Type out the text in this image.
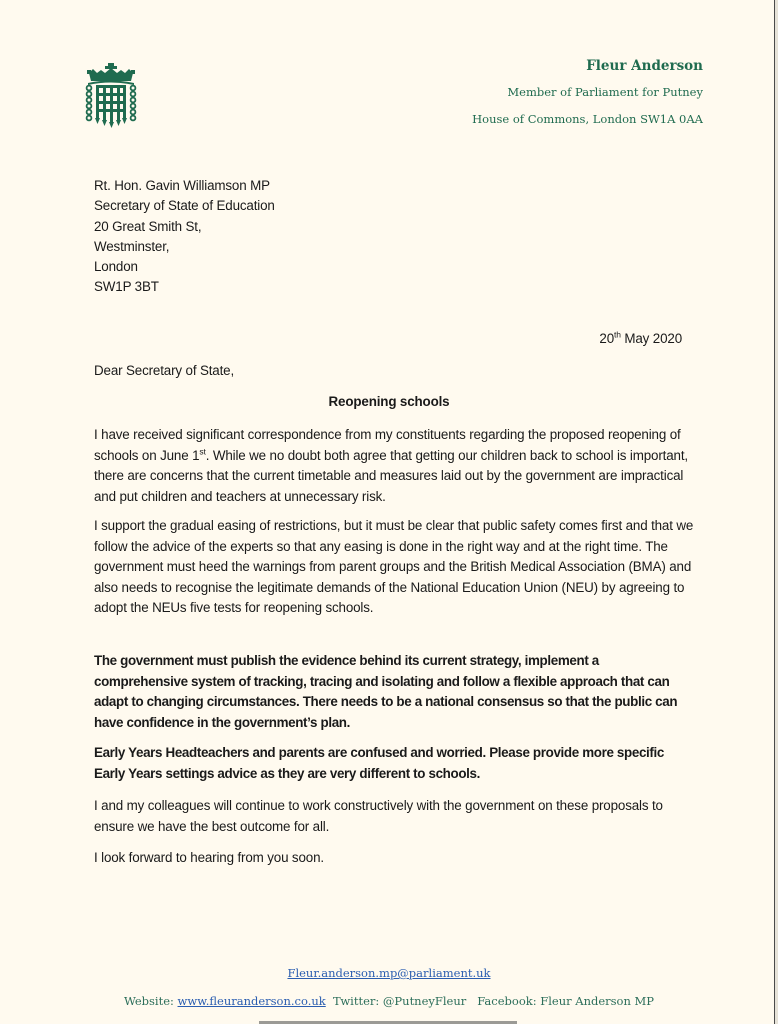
Fleur Anderson
Member of Parliament for Putney
House of Commons, London SW1A 0AA
Rt. Hon. Gavin Williamson MP
Secretary of State of Education
20 Great Smith St,
Westminster,
London
SW1P 3BT
20th May 2020
Dear Secretary of State,
Reopening schools
I have received significant correspondence from my constituents regarding the proposed reopening of schools on June 1st. While we no doubt both agree that getting our children back to school is important, there are concerns that the current timetable and measures laid out by the government are impractical and put children and teachers at unnecessary risk.
I support the gradual easing of restrictions, but it must be clear that public safety comes first and that we follow the advice of the experts so that any easing is done in the right way and at the right time. The government must heed the warnings from parent groups and the British Medical Association (BMA) and also needs to recognise the legitimate demands of the National Education Union (NEU) by agreeing to adopt the NEUs five tests for reopening schools.
The government must publish the evidence behind its current strategy, implement a comprehensive system of tracking, tracing and isolating and follow a flexible approach that can adapt to changing circumstances. There needs to be a national consensus so that the public can have confidence in the government’s plan.
Early Years Headteachers and parents are confused and worried. Please provide more specific Early Years settings advice as they are very different to schools.
I and my colleagues will continue to work constructively with the government on these proposals to ensure we have the best outcome for all.
I look forward to hearing from you soon.
Fleur.anderson.mp@parliament.uk
Website: www.fleuranderson.co.uk  Twitter: @PutneyFleur   Facebook: Fleur Anderson MP
